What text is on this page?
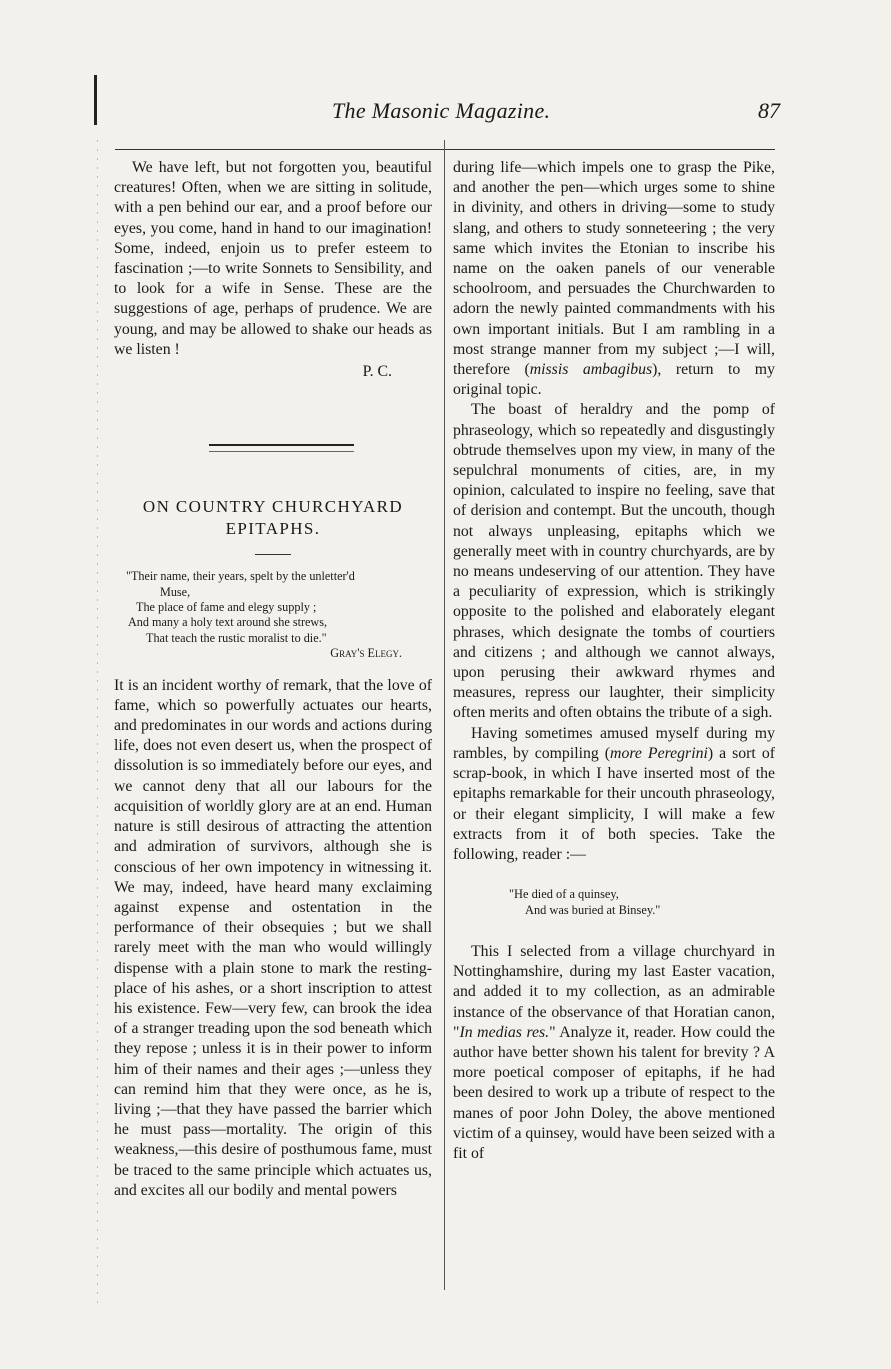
The Masonic Magazine.	87

We have left, but not forgotten you, beautiful creatures! Often, when we are sitting in solitude, with a pen behind our ear, and a proof before our eyes, you come, hand in hand to our imagination! Some, indeed, enjoin us to prefer esteem to fascination ;—to write Sonnets to Sensibility, and to look for a wife in Sense. These are the suggestions of age, perhaps of prudence. We are young, and may be allowed to shake our heads as we listen !

P. C.

ON COUNTRY CHURCHYARD
EPITAPHS.

"Their name, their years, spelt by the unletter'd

Muse,

The place of fame and elegy supply ;

And many a holy text around she strews,

That teach the rustic moralist to die."

Gray's Elegy.

It is an incident worthy of remark, that the love of fame, which so powerfully actuates our hearts, and predominates in our words and actions during life, does not even desert us, when the prospect of dissolution is so immediately before our eyes, and we cannot deny that all our labours for the acquisition of worldly glory are at an end. Human nature is still desirous of attracting the attention and admiration of survivors, although she is conscious of her own impotency in witnessing it. We may, indeed, have heard many exclaiming against expense and ostentation in the performance of their obsequies ; but we shall rarely meet with the man who would willingly dispense with a plain stone to mark the resting-place of his ashes, or a short inscription to attest his existence. Few—very few, can brook the idea of a stranger treading upon the sod beneath which they repose ; unless it is in their power to inform him of their names and their ages ;—unless they can remind him that they were once, as he is, living ;—that they have passed the barrier which he must pass—mortality. The origin of this weakness,—this desire of posthumous fame, must be traced to the same principle which actuates us, and excites all our bodily and mental powers

during life—which impels one to grasp the Pike, and another the pen—which urges some to shine in divinity, and others in driving—some to study slang, and others to study sonneteering ; the very same which invites the Etonian to inscribe his name on the oaken panels of our venerable schoolroom, and persuades the Churchwarden to adorn the newly painted commandments with his own important initials. But I am rambling in a most strange manner from my subject ;—I will, therefore (missis ambagibus), return to my original topic.

The boast of heraldry and the pomp of phraseology, which so repeatedly and disgustingly obtrude themselves upon my view, in many of the sepulchral monuments of cities, are, in my opinion, calculated to inspire no feeling, save that of derision and contempt. But the uncouth, though not always unpleasing, epitaphs which we generally meet with in country churchyards, are by no means undeserving of our attention. They have a peculiarity of expression, which is strikingly opposite to the polished and elaborately elegant phrases, which designate the tombs of courtiers and citizens ; and although we cannot always, upon perusing their awkward rhymes and measures, repress our laughter, their simplicity often merits and often obtains the tribute of a sigh.

Having sometimes amused myself during my rambles, by compiling (more Peregrini) a sort of scrap-book, in which I have inserted most of the epitaphs remarkable for their uncouth phraseology, or their elegant simplicity, I will make a few extracts from it of both species. Take the following, reader :—

"He died of a quinsey,

And was buried at Binsey."

This I selected from a village churchyard in Nottinghamshire, during my last Easter vacation, and added it to my collection, as an admirable instance of the observance of that Horatian canon, "In medias res." Analyze it, reader. How could the author have better shown his talent for brevity ? A more poetical composer of epitaphs, if he had been desired to work up a tribute of respect to the manes of poor John Doley, the above mentioned victim of a quinsey, would have been seized with a fit of
